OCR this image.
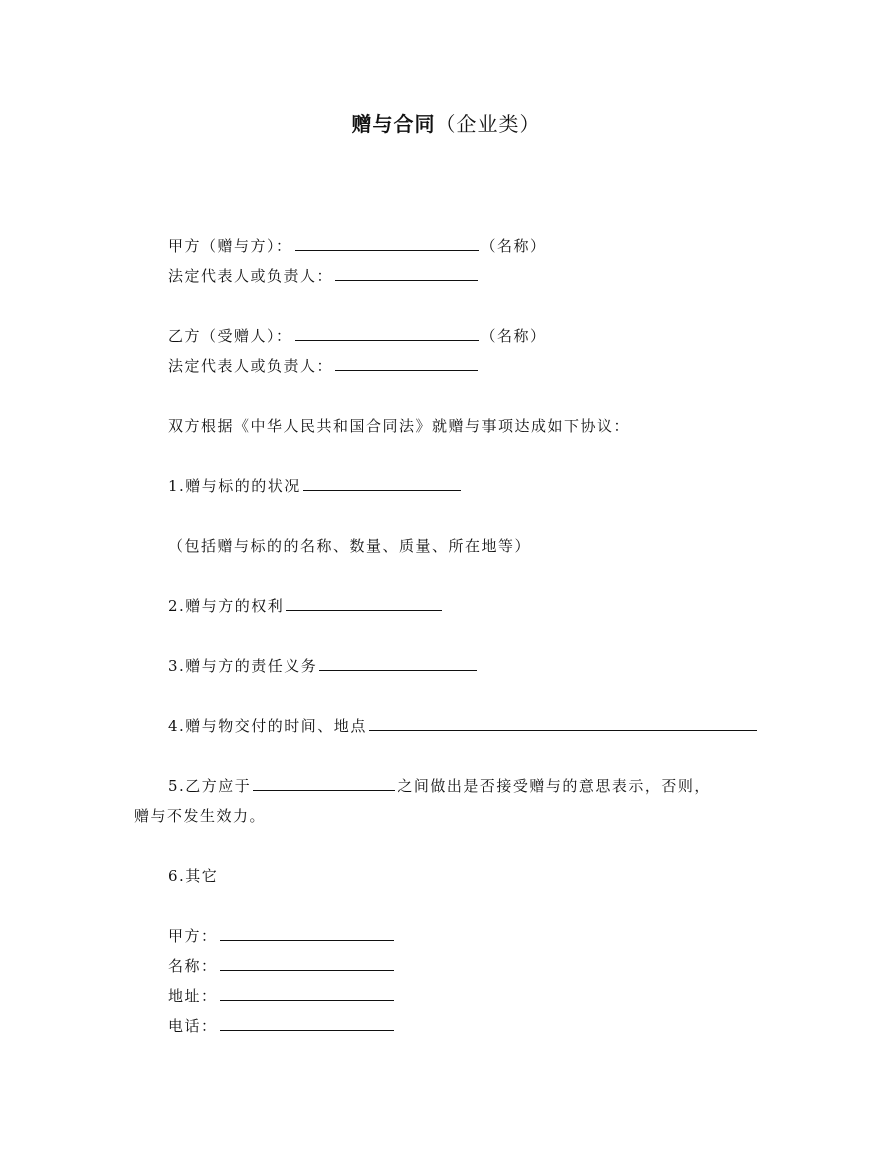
赠与合同（企业类）
甲方（赠与方）：	（名称）
法定代表人或负责人：
乙方（受赠人）：	（名称）
法定代表人或负责人：
双方根据《中华人民共和国合同法》就赠与事项达成如下协议：
1.赠与标的的状况
（包括赠与标的的名称、数量、质量、所在地等）
2.赠与方的权利
3.赠与方的责任义务
4.赠与物交付的时间、地点
5.乙方应于	之间做出是否接受赠与的意思表示，否则，
赠与不发生效力。
6.其它
甲方：
名称：
地址：
电话：
